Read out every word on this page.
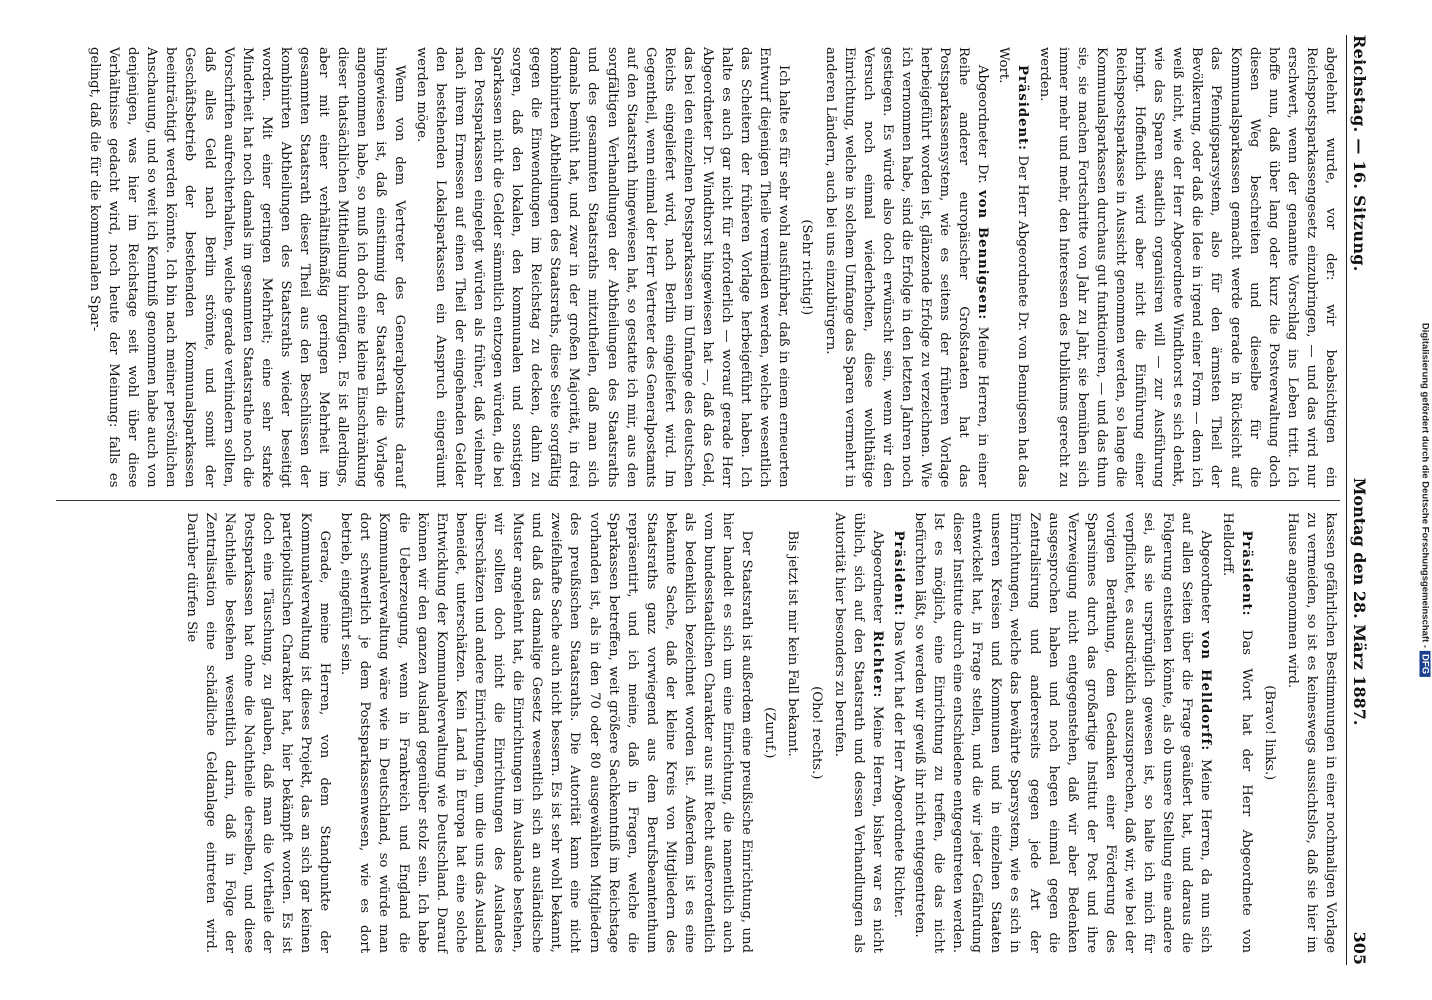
Reichstag. — 16. Sitzung.
Montag den 28. März 1887.
305

abgelehnt wurde, vor der: wir beabsichtigen ein Reichspostsparkassengesetz einzubringen, — und das wird nur erschwert, wenn der genannte Vorschlag ins Leben tritt. Ich hoffe nun, daß über lang oder kurz die Postverwaltung doch diesen Weg beschreiten und dieselbe für die Kommunalsparkassen gemacht werde gerade in Rücksicht auf das Pfennigsparsystem, also für den ärmsten Theil der Bevölkerung, oder daß die Idee in irgend einer Form — denn ich weiß nicht, wie der Herr Abgeordnete Windthorst es sich denkt, wie das Sparen staatlich organisiren will — zur Ausführung bringt. Hoffentlich wird aber nicht die Einführung einer Reichspostsparkasse in Aussicht genommen werden, so lange die Kommunalsparkassen durchaus gut funktioniren, — und das thun sie, sie machen Fortschritte von Jahr zu Jahr, sie bemühen sich immer mehr und mehr, den Interessen des Publikums gerecht zu werden.

Präsident: Der Herr Abgeordnete Dr. von Bennigsen hat das Wort.

Abgeordneter Dr. von Bennigsen: Meine Herren, in einer Reihe anderer europäischer Großstaaten hat das Postsparkassensystem, wie es seitens der früheren Vorlage herbeigeführt worden ist, glänzende Erfolge zu verzeichnen. Wie ich vernommen habe, sind die Erfolge in den letzten Jahren noch gestiegen. Es würde also doch erwünscht sein, wenn wir den Versuch noch einmal wiederholten, diese wohlthätige Einrichtung, welche in solchem Umfange das Sparen vermehrt in anderen Ländern, auch bei uns einzubürgern.

(Sehr richtig!)

Ich halte es für sehr wohl ausführbar, daß in einem erneuerten Entwurf diejenigen Theile vermieden werden, welche wesentlich das Scheitern der früheren Vorlage herbeigeführt haben. Ich halte es auch gar nicht für erforderlich — worauf gerade Herr Abgeordneter Dr. Windthorst hingewiesen hat —, daß das Geld, das bei den einzelnen Postsparkassen im Umfange des deutschen Reichs eingeliefert wird, nach Berlin eingeliefert wird. Im Gegentheil, wenn einmal der Herr Vertreter des Generalpostamts auf den Staatsrath hingewiesen hat, so gestatte ich mir, aus den sorgfältigen Verhandlungen der Abtheilungen des Staatsraths und des gesammten Staatsraths mitzutheilen, daß man sich damals bemüht hat, und zwar in der großen Majorität, in drei kombinirten Abtheilungen des Staatsraths, diese Seite sorgfältig gegen die Einwendungen im Reichstag zu decken, dahin zu sorgen, daß den lokalen, den kommunalen und sonstigen Sparkassen nicht die Gelder sämmtlich entzogen würden, die bei den Postsparkassen eingelegt würden als früher, daß vielmehr nach ihrem Ermessen auf einen Theil der eingehenden Gelder den bestehenden Lokalsparkassen ein Anspruch eingeräumt werden möge.

Wenn von dem Vertreter des Generalpostamts darauf hingewiesen ist, daß einstimmig der Staatsrath die Vorlage angenommen habe, so muß ich doch eine kleine Einschränkung dieser thatsächlichen Mittheilung hinzufügen. Es ist allerdings, aber mit einer verhältnißmäßig geringen Mehrheit im gesammten Staatsrath dieser Theil aus den Beschlüssen der kombinirten Abtheilungen des Staatsraths wieder beseitigt worden. Mit einer geringen Mehrheit; eine sehr starke Minderheit hat noch damals im gesammten Staatsrathe noch die Vorschriften aufrechterhalten, welche gerade verhindern sollten, daß alles Geld nach Berlin strömte, und somit der Geschäftsbetrieb der bestehenden Kommunalsparkassen beeinträchtigt werden könnte. Ich bin nach meiner persönlichen Anschauung, und so weit ich Kenntniß genommen habe auch von denjenigen, was hier im Reichstage seit wohl über diese Verhältnisse gedacht wird, noch heute der Meinung: falls es gelingt, daß die für die kommunalen Spar-

kassen gefährlichen Bestimmungen in einer nochmaligen Vorlage zu vermeiden, so ist es keineswegs aussichtslos, daß sie hier im Hause angenommen wird.

(Bravo! links.)

Präsident: Das Wort hat der Herr Abgeordnete von Helldorff.

Abgeordneter von Helldorff: Meine Herren, da nun sich auf allen Seiten über die Frage geäußert hat, und daraus die Folgerung entstehen könnte, als ob unsere Stellung eine andere sei, als sie ursprünglich gewesen ist, so halte ich mich für verpflichtet, es ausdrücklich auszusprechen, daß wir, wie bei der vorigen Berathung, dem Gedanken einer Förderung des Sparsinnes durch das großartige Institut der Post und ihre Verzweigung nicht entgegenstehen, daß wir aber Bedenken ausgesprochen haben und noch hegen einmal gegen die Zentralisirung und andererseits gegen jede Art der Einrichtungen, welche das bewährte Sparsystem, wie es sich in unseren Kreisen und Kommunen und in einzelnen Staaten entwickelt hat, in Frage stellen, und die wir jeder Gefährdung dieser Institute durch eine entschiedene entgegentreten werden. Ist es möglich, eine Einrichtung zu treffen, die das nicht befürchten läßt, so werden wir gewiß ihr nicht entgegentreten.

Präsident: Das Wort hat der Herr Abgeordnete Richter.

Abgeordneter Richter: Meine Herren, bisher war es nicht üblich, sich auf den Staatsrath und dessen Verhandlungen als Autorität hier besonders zu berufen.

(Oho! rechts.)

Bis jetzt ist mir kein Fall bekannt.

(Zuruf.)

Der Staatsrath ist außerdem eine preußische Einrichtung, und hier handelt es sich um eine Einrichtung, die namentlich auch vom bundesstaatlichen Charakter aus mit Recht außerordentlich als bedenklich bezeichnet worden ist. Außerdem ist es eine bekannte Sache, daß der kleine Kreis von Mitgliedern des Staatsraths ganz vorwiegend aus dem Berufsbeamtenthum repräsentirt, und ich meine, daß in Fragen, welche die Sparkassen betreffen, weit größere Sachkenntniß im Reichstage vorhanden ist, als in den 70 oder 80 ausgewählten Mitgliedern des preußischen Staatsraths. Die Autorität kann eine nicht zweifelhafte Sache auch nicht bessern. Es ist sehr wohl bekannt, und daß das damalige Gesetz wesentlich sich an ausländische Muster angelehnt hat, die Einrichtungen im Auslande bestehen, wir sollten doch nicht die Einrichtungen des Auslandes überschätzen und andere Einrichtungen, um die uns das Ausland beneidet, unterschätzen. Kein Land in Europa hat eine solche Entwicklung der Kommunalverwaltung wie Deutschland. Darauf können wir den ganzen Ausland gegenüber stolz sein. Ich habe die Ueberzeugung, wenn in Frankreich und England die Kommunalverwaltung wäre wie in Deutschland, so würde man dort schwerlich je dem Postsparkassenwesen, wie es dort betrieb, eingeführt sein.

Gerade, meine Herren, von dem Standpunkte der Kommunalverwaltung ist dieses Projekt, das an sich gar keinen parteipolitischen Charakter hat, hier bekämpft worden. Es ist doch eine Täuschung, zu glauben, daß man die Vortheile der Postsparkassen hat ohne die Nachtheile derselben, und diese Nachtheile bestehen wesentlich darin, daß in Folge der Zentralisation eine schädliche Geldanlage eintreten wird. Darüber dürfen Sie	Digitalisierung gefördert durch die Deutsche Forschungsgemeinschaft -DFG
